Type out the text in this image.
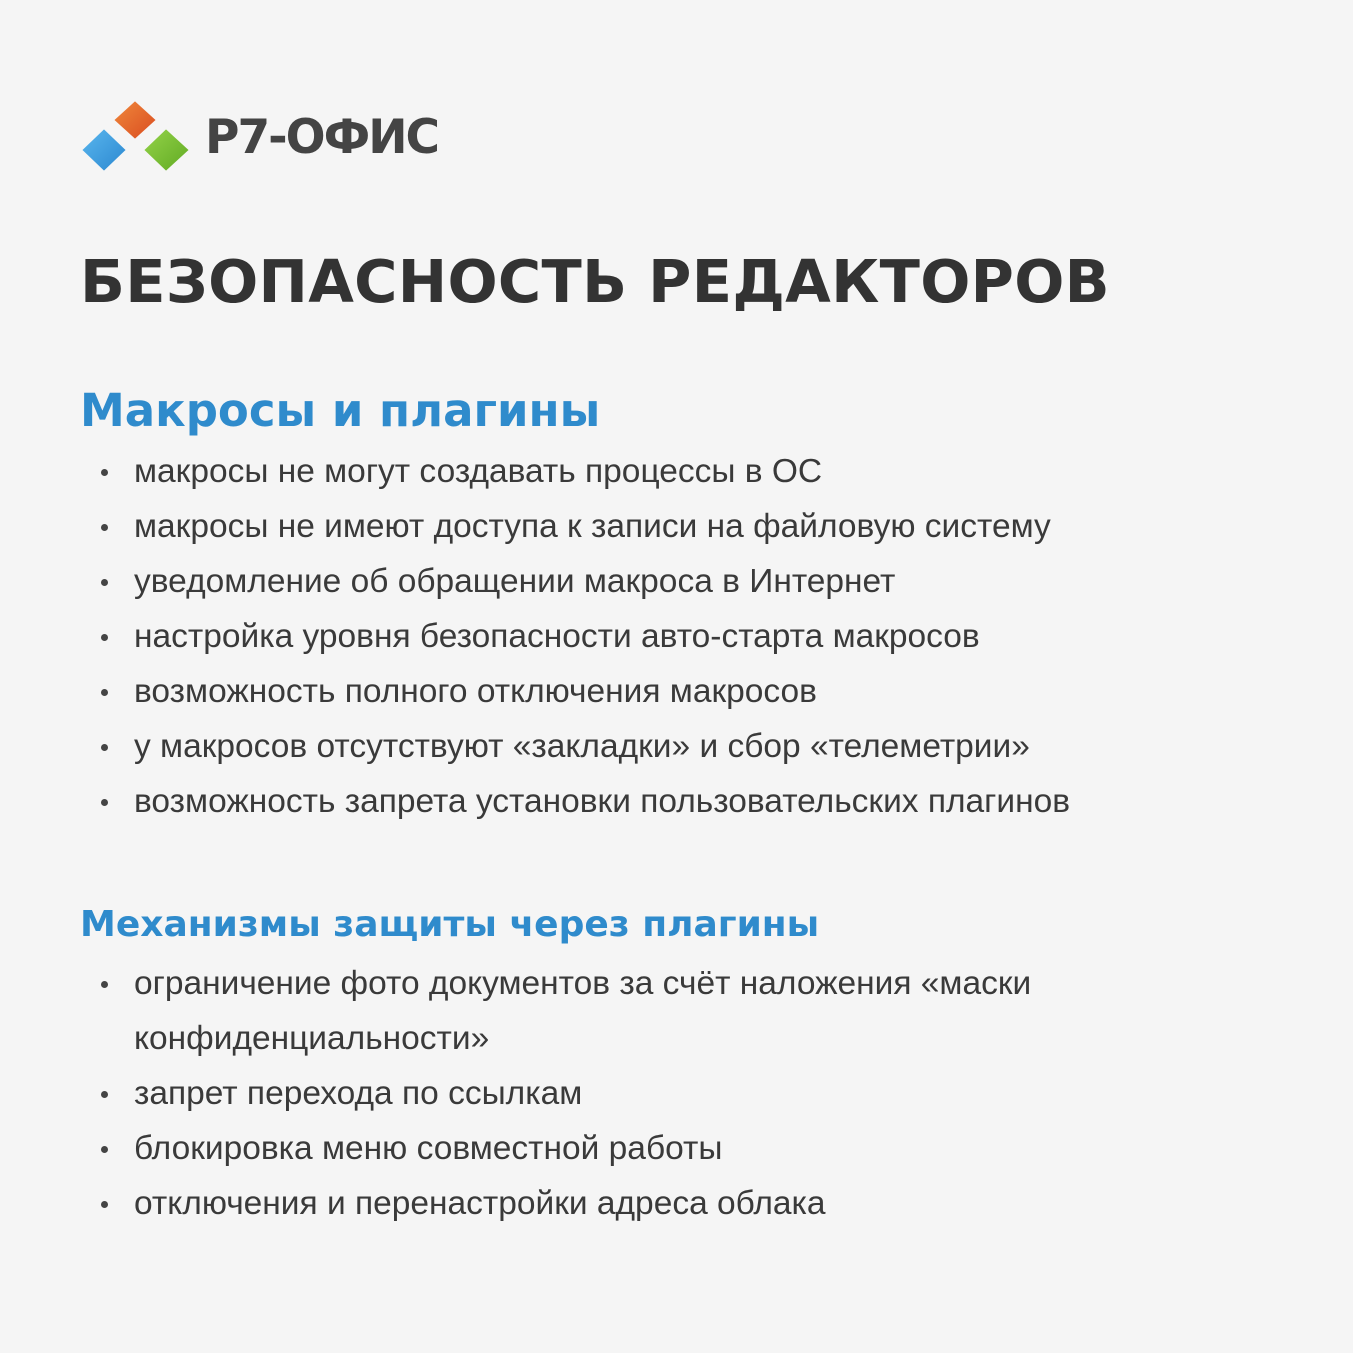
Р7-ОФИС
БЕЗОПАСНОСТЬ РЕДАКТОРОВ
Макросы и плагины
макросы не могут создавать процессы в ОС
макросы не имеют доступа к записи на файловую систему
уведомление об обращении макроса в Интернет
настройка уровня безопасности авто-старта макросов
возможность полного отключения макросов
у макросов отсутствуют «закладки» и сбор «телеметрии»
возможность запрета установки пользовательских плагинов
Механизмы защиты через плагины
ограничение фото документов за счёт наложения «маски конфиденциальности»
запрет перехода по ссылкам
блокировка меню совместной работы
отключения и перенастройки адреса облака
